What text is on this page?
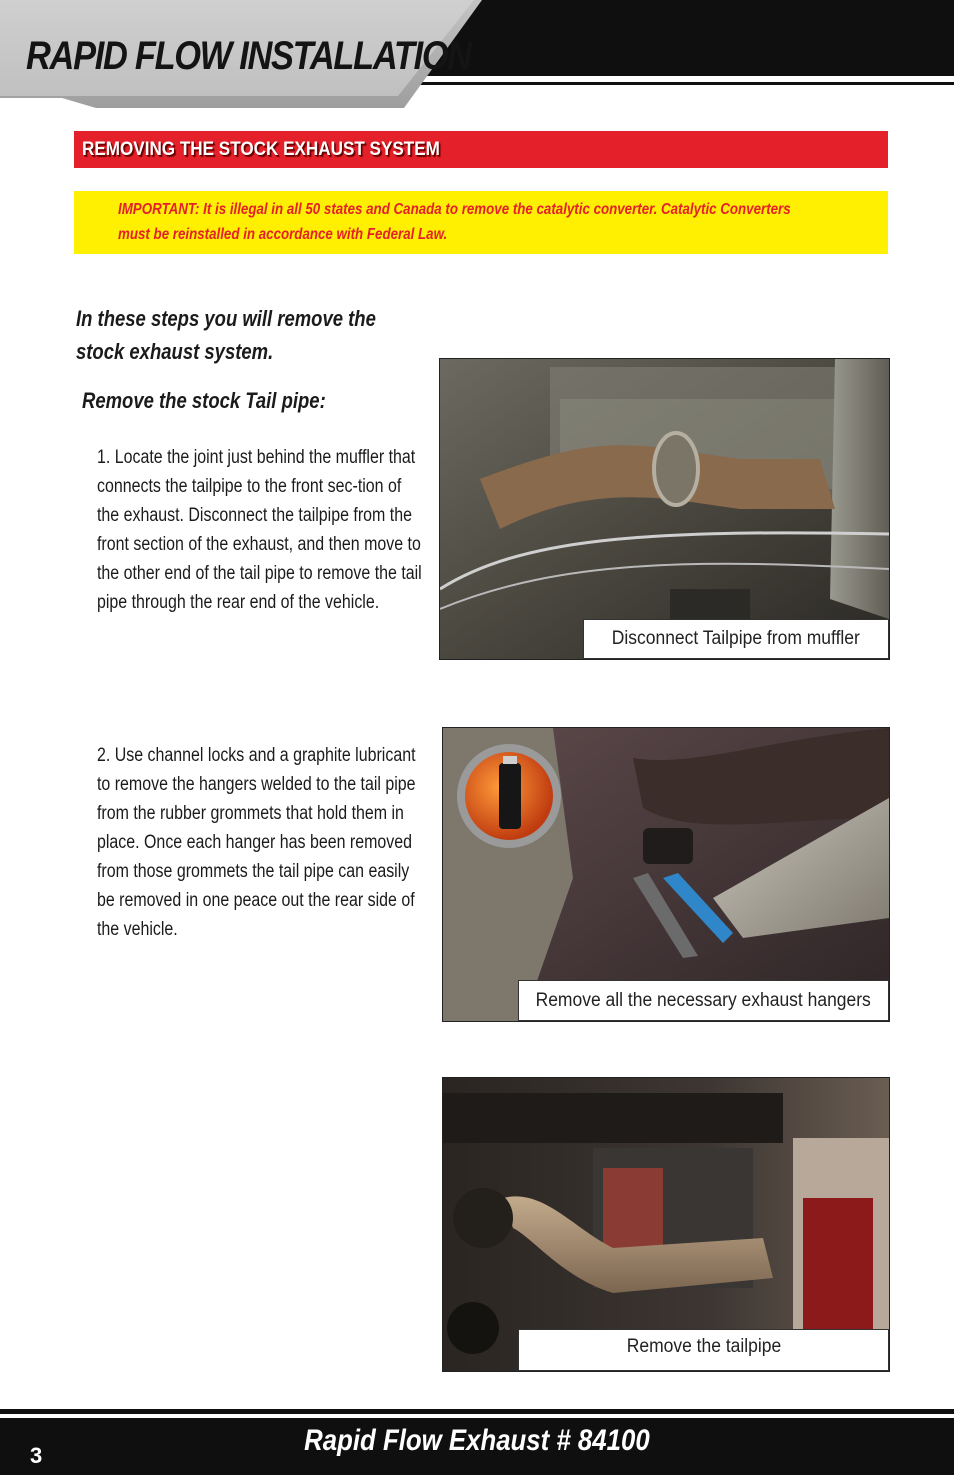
RAPID FLOW INSTALLATION
REMOVING THE STOCK EXHAUST SYSTEM
IMPORTANT: It is illegal in all 50 states and Canada to remove the catalytic converter. Catalytic Converters must be reinstalled in accordance with Federal Law.
In these steps you will remove the stock exhaust system.
Remove the stock Tail pipe:
1. Locate the joint just behind the muffler that connects the tailpipe to the front sec-tion of the exhaust. Disconnect the tailpipe from the front section of the exhaust, and then move to the other end of the tail pipe to remove the tail pipe through the rear end of the vehicle.
2. Use channel locks and a graphite lubricant to remove the hangers welded to the tail pipe from the rubber grommets that hold them in place. Once each hanger has been removed from those grommets the tail pipe can easily be removed in one peace out the rear side of the vehicle.
Disconnect Tailpipe from muffler
Remove all the necessary exhaust hangers
Remove the tailpipe
Rapid Flow Exhaust # 84100
3
